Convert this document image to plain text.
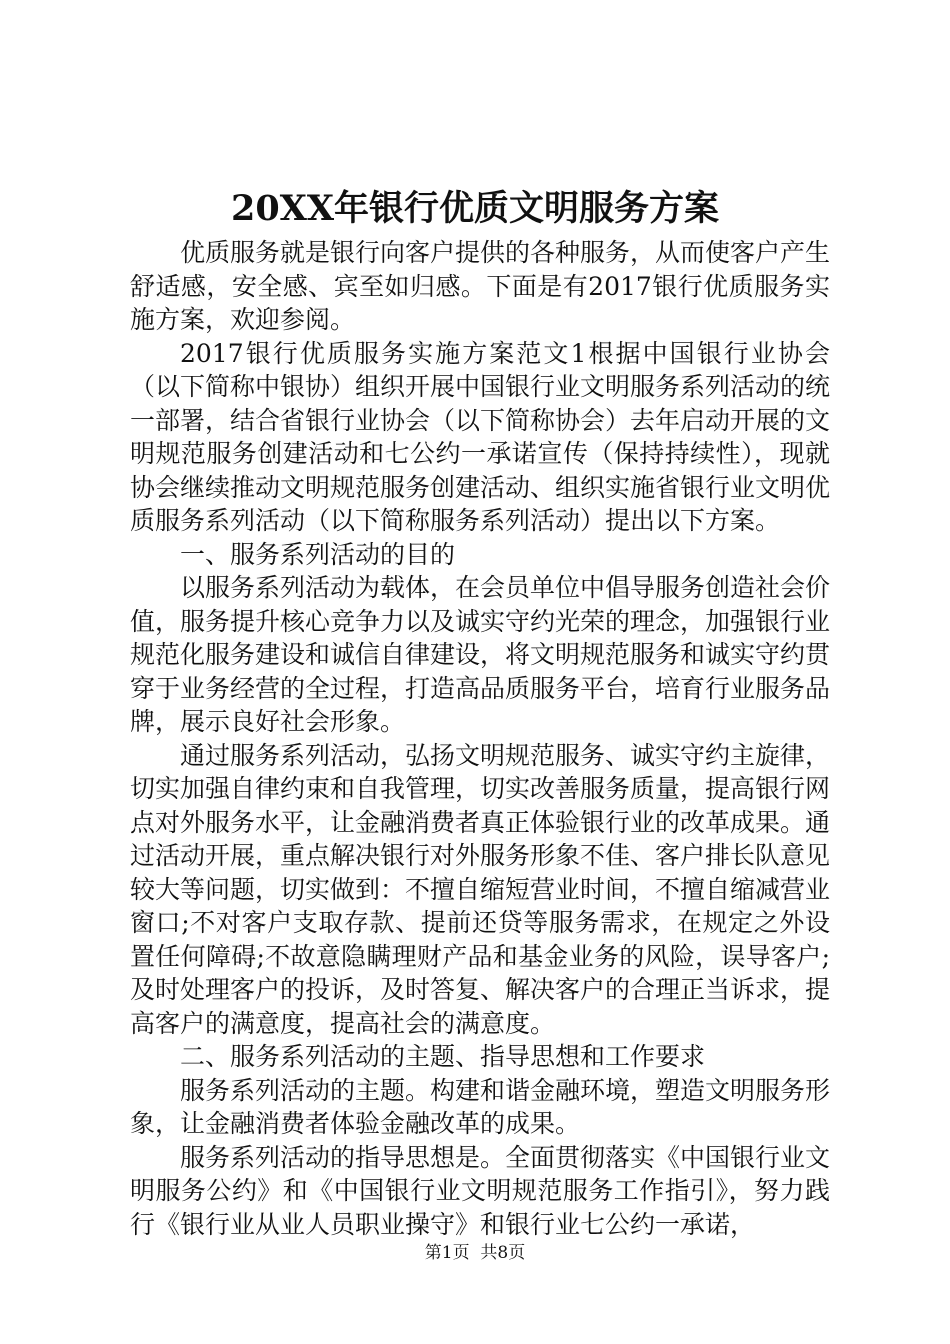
20XX年银行优质文明服务方案

优质服务就是银行向客户提供的各种服务，从而使客户产生舒适感，安全感、宾至如归感。下面是有2017银行优质服务实施方案，欢迎参阅。

2017银行优质服务实施方案范文1根据中国银行业协会（以下简称中银协）组织开展中国银行业文明服务系列活动的统一部署，结合省银行业协会（以下简称协会）去年启动开展的文明规范服务创建活动和七公约一承诺宣传（保持持续性），现就协会继续推动文明规范服务创建活动、组织实施省银行业文明优质服务系列活动（以下简称服务系列活动）提出以下方案。

一、服务系列活动的目的

以服务系列活动为载体，在会员单位中倡导服务创造社会价值，服务提升核心竞争力以及诚实守约光荣的理念，加强银行业规范化服务建设和诚信自律建设，将文明规范服务和诚实守约贯穿于业务经营的全过程，打造高品质服务平台，培育行业服务品牌，展示良好社会形象。

通过服务系列活动，弘扬文明规范服务、诚实守约主旋律，切实加强自律约束和自我管理，切实改善服务质量，提高银行网点对外服务水平，让金融消费者真正体验银行业的改革成果。通过活动开展，重点解决银行对外服务形象不佳、客户排长队意见较大等问题，切实做到：不擅自缩短营业时间，不擅自缩减营业窗口;不对客户支取存款、提前还贷等服务需求，在规定之外设置任何障碍;不故意隐瞒理财产品和基金业务的风险，误导客户;及时处理客户的投诉，及时答复、解决客户的合理正当诉求，提高客户的满意度，提高社会的满意度。

二、服务系列活动的主题、指导思想和工作要求

服务系列活动的主题。构建和谐金融环境，塑造文明服务形象，让金融消费者体验金融改革的成果。

服务系列活动的指导思想是。全面贯彻落实《中国银行业文明服务公约》和《中国银行业文明规范服务工作指引》，努力践行《银行业从业人员职业操守》和银行业七公约一承诺，

第1页  共8页
